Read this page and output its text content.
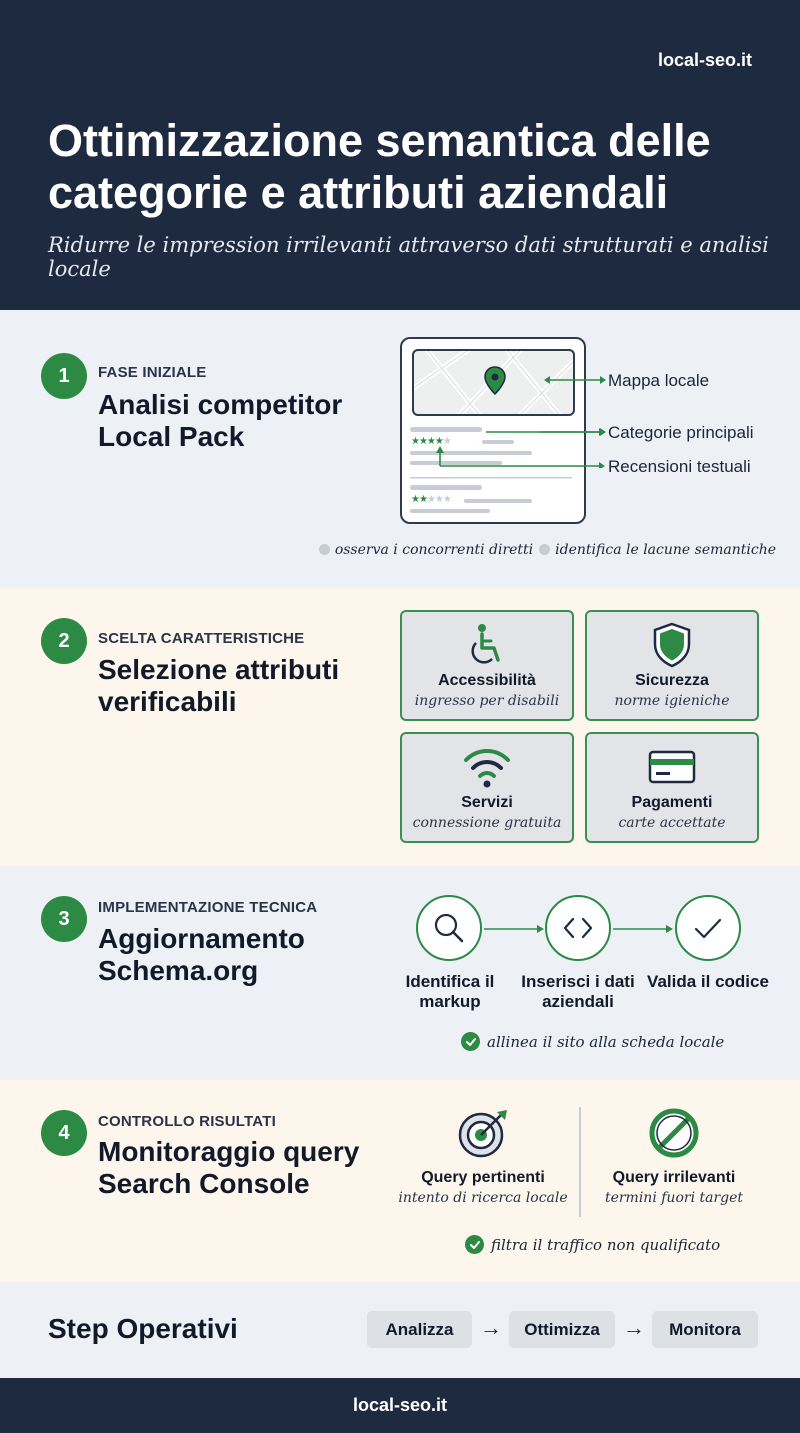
local-seo.it
Ottimizzazione semantica delle categorie e attributi aziendali
Ridurre le impression irrilevanti attraverso dati strutturati e analisi locale
1	FASE INIZIALE
Analisi competitor Local Pack	★★★★★
★★★★★
Mappa locale
Categorie principali
Recensioni testuali
osserva i concorrenti diretti	identifica le lacune semantiche
2	SCELTA CARATTERISTICHE
Selezione attributi verificabili
Accessibilità
ingresso per disabili
Sicurezza
norme igieniche
Servizi
connessione gratuita
Pagamenti
carte accettate
3	IMPLEMENTAZIONE TECNICA
Aggiornamento Schema.org	Identifica il markup
Inserisci i dati aziendali
Valida il codice
allinea il sito alla scheda locale
4	CONTROLLO RISULTATI
Monitoraggio query Search Console	Query pertinenti
intento di ricerca locale
Query irrilevanti
termini fuori target
filtra il traffico non qualificato
Step Operativi	Analizza	→	Ottimizza	→	Monitora
local-seo.it
